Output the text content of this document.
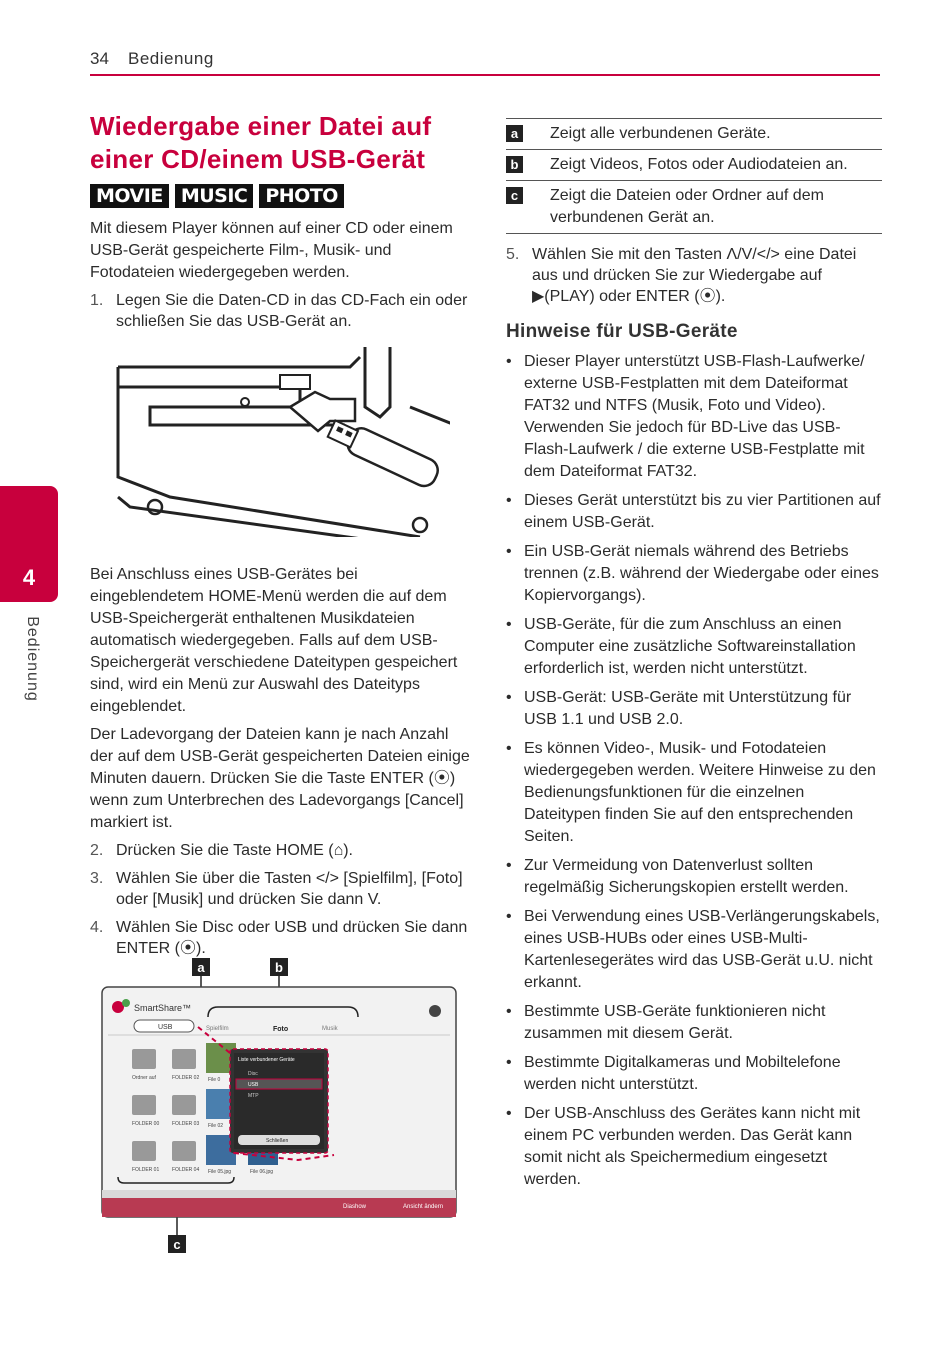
34 Bedienung
4
Bedienung
Wiedergabe einer Datei auf
einer CD/einem USB-Gerät
MOVIE MUSIC PHOTO

Mit diesem Player können auf einer CD oder einem USB-Gerät gespeicherte Film-, Musik- und Fotodateien wiedergegeben werden.

1. Legen Sie die Daten-CD in das CD-Fach ein oder schließen Sie das USB-Gerät an.

Bei Anschluss eines USB-Gerätes bei eingeblendetem HOME-Menü werden die auf dem USB-Speichergerät enthaltenen Musikdateien automatisch wiedergegeben. Falls auf dem USB-Speichergerät verschiedene Dateitypen gespeichert sind, wird ein Menü zur Auswahl des Dateityps eingeblendet.

Der Ladevorgang der Dateien kann je nach Anzahl der auf dem USB-Gerät gespeicherten Dateien einige Minuten dauern. Drücken Sie die Taste ENTER (⦿) wenn zum Unterbrechen des Ladevorgangs [Cancel] markiert ist.

2. Drücken Sie die Taste HOME (⌂).
3. Wählen Sie über die Tasten </> [Spielfilm], [Foto] oder [Musik] und drücken Sie dann V.
4. Wählen Sie Disc oder USB und drücken Sie dann ENTER (⦿).
a	b
c
SmartShare™
USB	Spielfilm	Foto	Musik
Ordner auf	FOLDER 02
FOLDER 00	FOLDER 03
FOLDER 01	FOLDER 04
File 0
File 02
File 05.jpg	File 06.jpg
Liste verbundener Geräte
Disc
USB
MTP
Schließen
Diashow	Ansicht ändern
a	Zeigt alle verbundenen Geräte.
b	Zeigt Videos, Fotos oder Audiodateien an.
c	Zeigt die Dateien oder Ordner auf dem verbundenen Gerät an.
5. Wählen Sie mit den Tasten Λ/V/</> eine Datei aus und drücken Sie zur Wiedergabe auf ▶(PLAY) oder ENTER (⦿).
Hinweise für USB-Geräte
• Dieser Player unterstützt USB-Flash-Laufwerke/ externe USB-Festplatten mit dem Dateiformat FAT32 und NTFS (Musik, Foto und Video). Verwenden Sie jedoch für BD-Live das USB-Flash-Laufwerk / die externe USB-Festplatte mit dem Dateiformat FAT32.
• Dieses Gerät unterstützt bis zu vier Partitionen auf einem USB-Gerät.
• Ein USB-Gerät niemals während des Betriebs trennen (z.B. während der Wiedergabe oder eines Kopiervorgangs).
• USB-Geräte, für die zum Anschluss an einen Computer eine zusätzliche Softwareinstallation erforderlich ist, werden nicht unterstützt.
• USB-Gerät: USB-Geräte mit Unterstützung für USB 1.1 und USB 2.0.
• Es können Video-, Musik- und Fotodateien wiedergegeben werden. Weitere Hinweise zu den Bedienungsfunktionen für die einzelnen Dateitypen finden Sie auf den entsprechenden Seiten.
• Zur Vermeidung von Datenverlust sollten regelmäßig Sicherungskopien erstellt werden.
• Bei Verwendung eines USB-Verlängerungskabels, eines USB-HUBs oder eines USB-Multi-Kartenlesegerätes wird das USB-Gerät u.U. nicht erkannt.
• Bestimmte USB-Geräte funktionieren nicht zusammen mit diesem Gerät.
• Bestimmte Digitalkameras und Mobiltelefone werden nicht unterstützt.
• Der USB-Anschluss des Gerätes kann nicht mit einem PC verbunden werden. Das Gerät kann somit nicht als Speichermedium eingesetzt werden.
